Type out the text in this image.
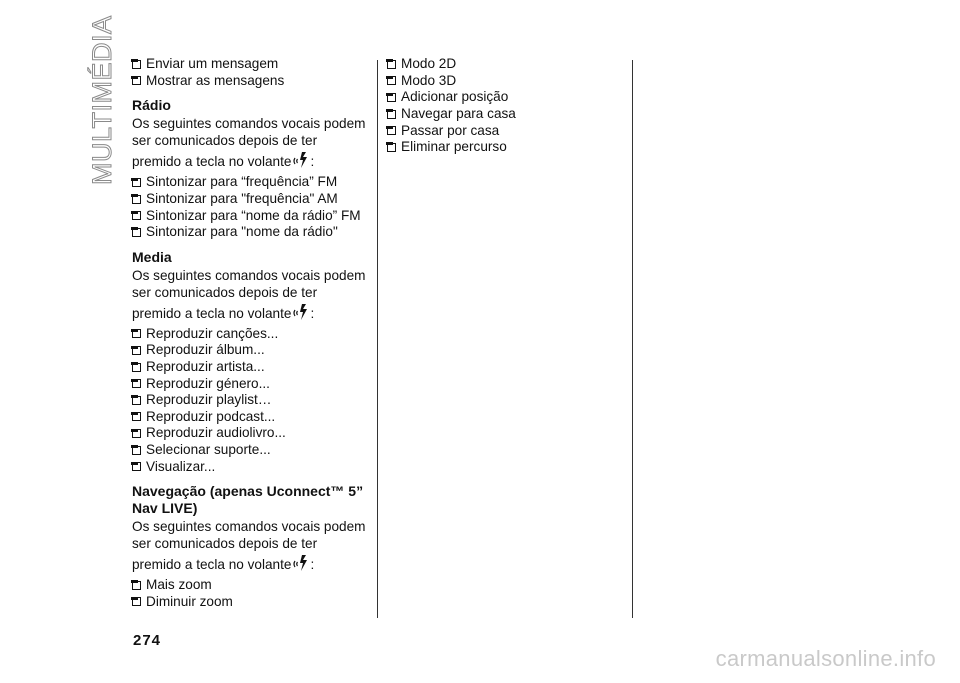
MULTIMÉDIA Enviar um mensagem
Mostrar as mensagens
Rádio
Os seguintes comandos vocais podem
ser comunicados depois de ter
premido a tecla no volante :
Sintonizar para “frequência” FM
Sintonizar para "frequência" AM
Sintonizar para “nome da rádio” FM
Sintonizar para "nome da rádio"
Media
Os seguintes comandos vocais podem
ser comunicados depois de ter
premido a tecla no volante :
Reproduzir canções...
Reproduzir álbum...
Reproduzir artista...
Reproduzir género...
Reproduzir playlist…
Reproduzir podcast...
Reproduzir audiolivro...
Selecionar suporte...
Visualizar...
Navegação (apenas Uconnect™ 5”
Nav LIVE)
Os seguintes comandos vocais podem
ser comunicados depois de ter
premido a tecla no volante :
Mais zoom
Diminuir zoom
Modo 2D
Modo 3D
Adicionar posição
Navegar para casa
Passar por casa
Eliminar percurso
274
carmanualsonline.info
